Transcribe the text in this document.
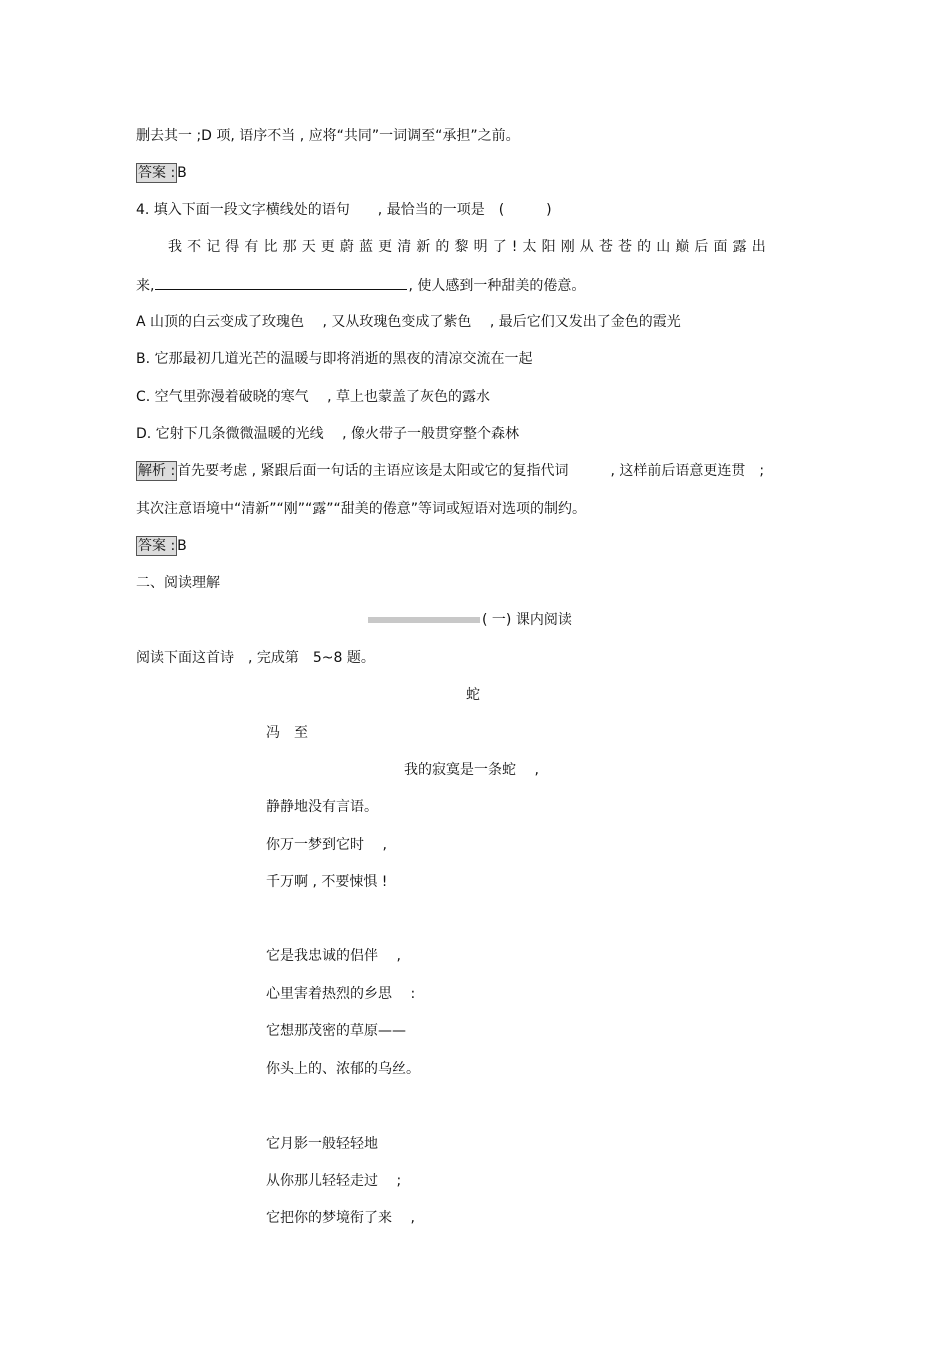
删去其一 ;D 项, 语序不当 , 应将“共同”一词调至“承担”之前。
答案 : B
4. 填入下面一段文字横线处的语句　　, 最恰当的一项是　(　　　)
我不记得有比那天更蔚蓝更清新的黎明了!太阳刚从苍苍的山巅后面露出
来,	, 使人感到一种甜美的倦意。
A 山顶的白云变成了玫瑰色　 , 又从玫瑰色变成了紫色　 , 最后它们又发出了金色的霞光
B. 它那最初几道光芒的温暖与即将消逝的黑夜的清凉交流在一起
C. 空气里弥漫着破晓的寒气　 , 草上也蒙盖了灰色的露水
D. 它射下几条微微温暖的光线　 , 像火带子一般贯穿整个森林
解析 : 首先要考虑 , 紧跟后面一句话的主语应该是太阳或它的复指代词　　　, 这样前后语意更连贯　;
其次注意语境中“清新”“刚”“露”“甜美的倦意”等词或短语对选项的制约。
答案 : B
二、阅读理解
( 一) 课内阅读
阅读下面这首诗　, 完成第　5~8 题。
蛇
冯　至
我的寂寞是一条蛇　 ,
静静地没有言语。
你万一梦到它时　 ,
千万啊 , 不要悚惧 !
它是我忠诚的侣伴　 ,
心里害着热烈的乡思　 :
它想那茂密的草原——
你头上的、浓郁的乌丝。
它月影一般轻轻地
从你那儿轻轻走过　 ;
它把你的梦境衔了来　 ,
